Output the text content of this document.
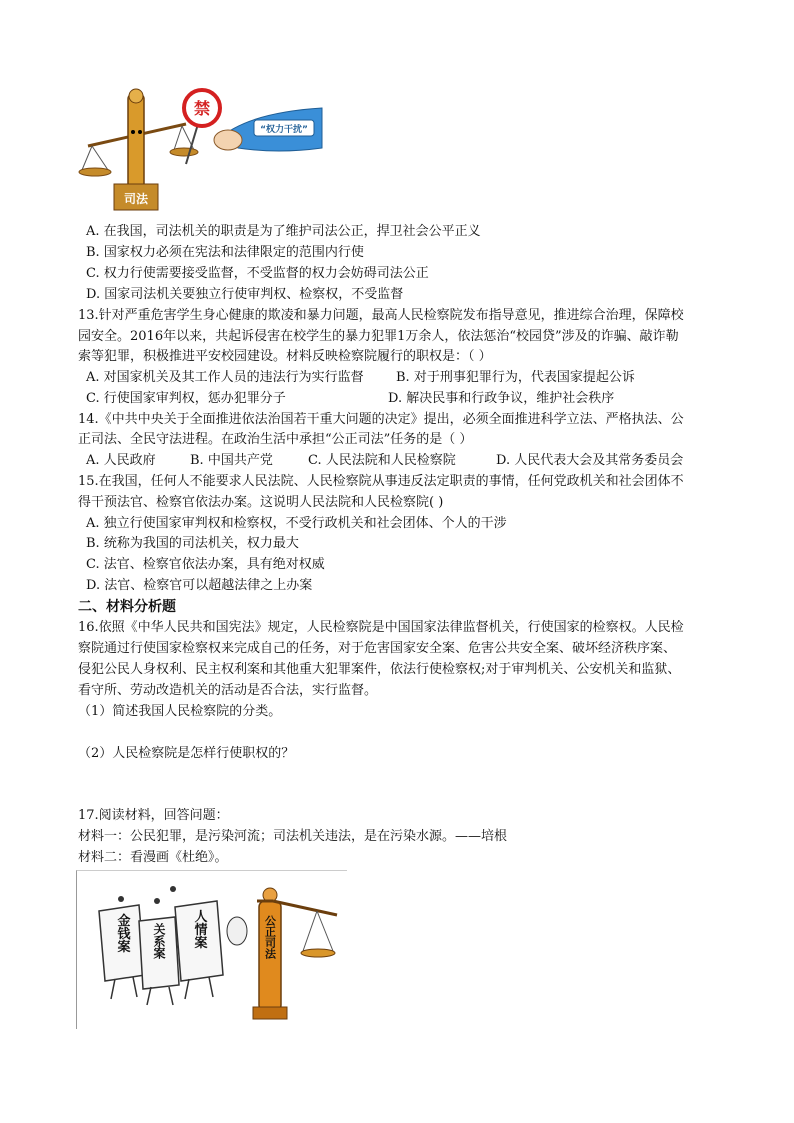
司法
禁
“权力干扰”
A. 在我国，司法机关的职责是为了维护司法公正，捍卫社会公平正义
B. 国家权力必须在宪法和法律限定的范围内行使
C. 权力行使需要接受监督，不受监督的权力会妨碍司法公正
D. 国家司法机关要独立行使审判权、检察权，不受监督
13.针对严重危害学生身心健康的欺凌和暴力问题，最高人民检察院发布指导意见，推进综合治理，保障校
园安全。2016年以来，共起诉侵害在校学生的暴力犯罪1万余人，依法惩治“校园贷”涉及的诈骗、敲诈勒
索等犯罪，积极推进平安校园建设。材料反映检察院履行的职权是：（ ）
A. 对国家机关及其工作人员的违法行为实行监督 B. 对于刑事犯罪行为，代表国家提起公诉
C. 行使国家审判权，惩办犯罪分子	D. 解决民事和行政争议，维护社会秩序
14.《中共中央关于全面推进依法治国若干重大问题的决定》提出，必须全面推进科学立法、严格执法、公
正司法、全民守法进程。在政治生活中承担“公正司法”任务的是（ ）
A. 人民政府	B. 中国共产党	C. 人民法院和人民检察院	D. 人民代表大会及其常务委员会
15.在我国，任何人不能要求人民法院、人民检察院从事违反法定职责的事情，任何党政机关和社会团体不
得干预法官、检察官依法办案。这说明人民法院和人民检察院( )
A. 独立行使国家审判权和检察权，不受行政机关和社会团体、个人的干涉
B. 统称为我国的司法机关，权力最大
C. 法官、检察官依法办案，具有绝对权威
D. 法官、检察官可以超越法律之上办案
二、材料分析题
16.依照《中华人民共和国宪法》规定，人民检察院是中国国家法律监督机关，行使国家的检察权。人民检
察院通过行使国家检察权来完成自己的任务，对于危害国家安全案、危害公共安全案、破坏经济秩序案、
侵犯公民人身权利、民主权利案和其他重大犯罪案件，依法行使检察权;对于审判机关、公安机关和监狱、
看守所、劳动改造机关的活动是否合法，实行监督。
（1）简述我国人民检察院的分类。
（2）人民检察院是怎样行使职权的？
17.阅读材料，回答问题：
材料一：公民犯罪，是污染河流；司法机关违法，是在污染水源。——培根
材料二：看漫画《杜绝》。
金钱案 关系案 人情案	公正司法
